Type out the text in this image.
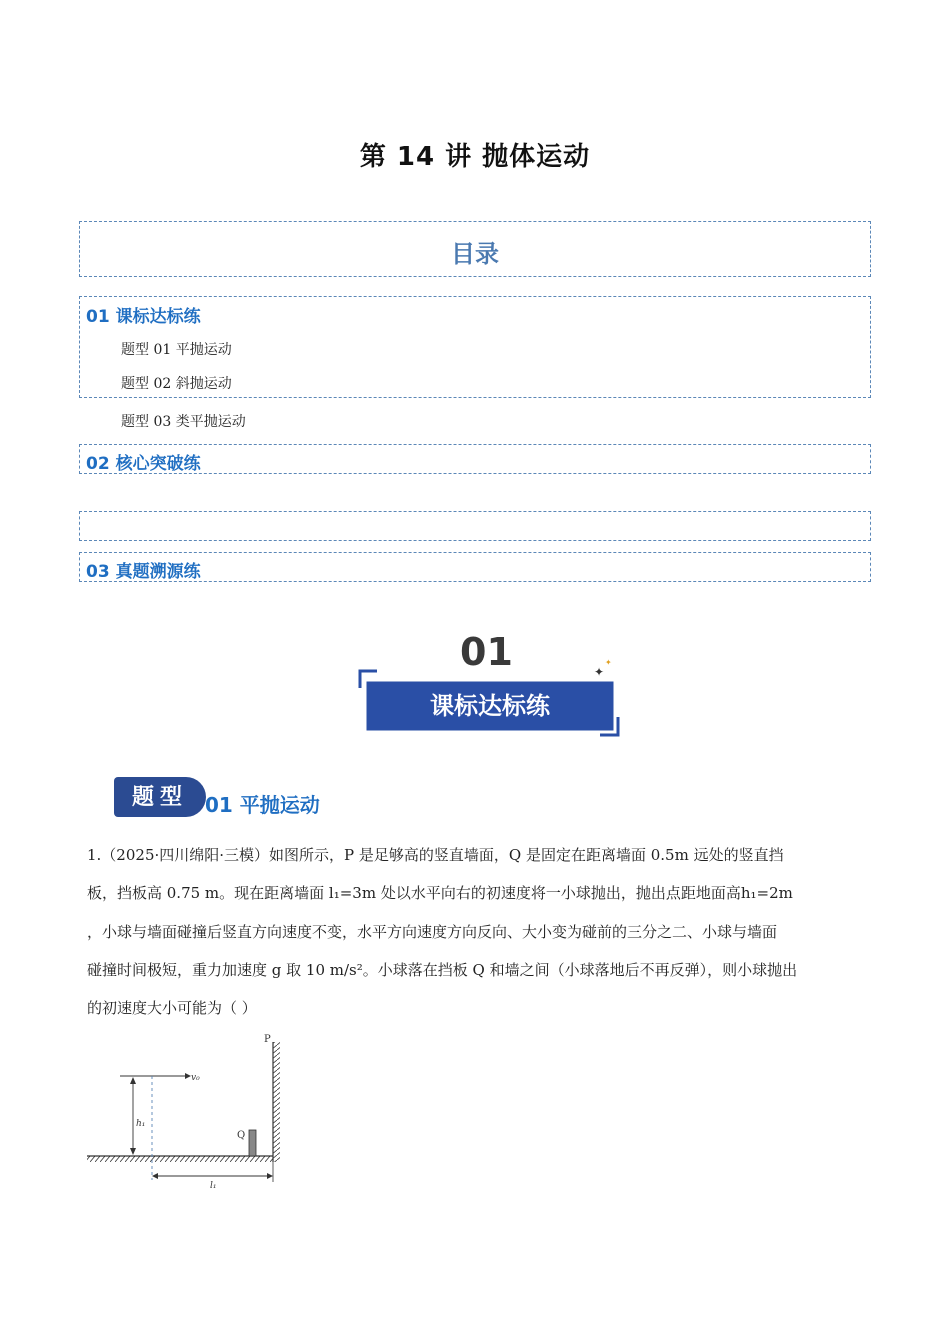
第 14 讲 抛体运动
目录
01 课标达标练
题型 01 平抛运动
题型 02 斜抛运动
题型 03 类平抛运动
02 核心突破练
03 真题溯源练
01	✦
✦
课标达标练
题型 01 平抛运动
1.（2025·四川绵阳·三模）如图所示，P 是足够高的竖直墙面，Q 是固定在距离墙面 0.5m 远处的竖直挡
板，挡板高 0.75 m。现在距离墙面 l₁=3m 处以水平向右的初速度将一小球抛出，抛出点距地面高h₁=2m
，小球与墙面碰撞后竖直方向速度不变，水平方向速度方向反向、大小变为碰前的三分之二、小球与墙面
碰撞时间极短，重力加速度 g 取 10 m/s²。小球落在挡板 Q 和墙之间（小球落地后不再反弹），则小球抛出
的初速度大小可能为（ ）
P
Q
v₀
h₁
l₁
